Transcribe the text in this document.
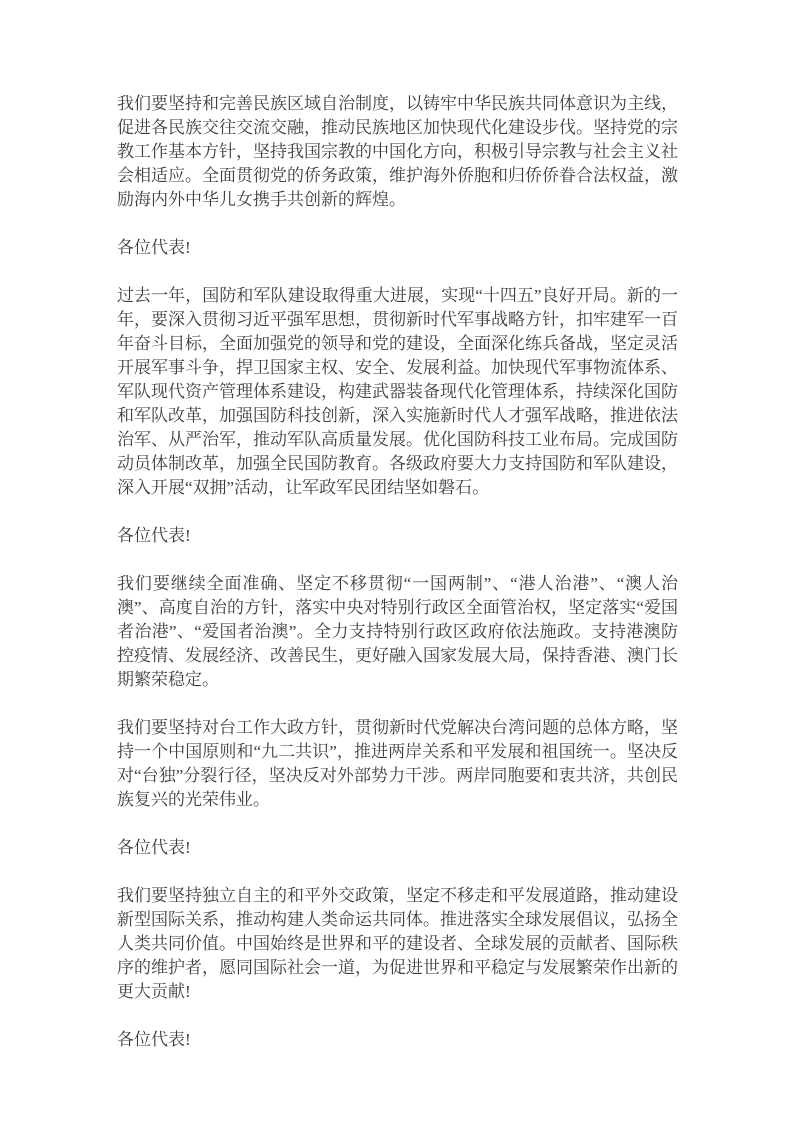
我们要坚持和完善民族区域自治制度，以铸牢中华民族共同体意识为主线，促进各民族交往交流交融，推动民族地区加快现代化建设步伐。坚持党的宗教工作基本方针，坚持我国宗教的中国化方向，积极引导宗教与社会主义社会相适应。全面贯彻党的侨务政策，维护海外侨胞和归侨侨眷合法权益，激励海内外中华儿女携手共创新的辉煌。

各位代表!

过去一年，国防和军队建设取得重大进展，实现“十四五”良好开局。新的一年，要深入贯彻习近平强军思想，贯彻新时代军事战略方针，扣牢建军一百年奋斗目标，全面加强党的领导和党的建设，全面深化练兵备战，坚定灵活开展军事斗争，捍卫国家主权、安全、发展利益。加快现代军事物流体系、军队现代资产管理体系建设，构建武器装备现代化管理体系，持续深化国防和军队改革，加强国防科技创新，深入实施新时代人才强军战略，推进依法治军、从严治军，推动军队高质量发展。优化国防科技工业布局。完成国防动员体制改革，加强全民国防教育。各级政府要大力支持国防和军队建设，深入开展“双拥”活动，让军政军民团结坚如磐石。

各位代表!

我们要继续全面准确、坚定不移贯彻“一国两制”、“港人治港”、“澳人治澳”、高度自治的方针，落实中央对特别行政区全面管治权，坚定落实“爱国者治港”、“爱国者治澳”。全力支持特别行政区政府依法施政。支持港澳防控疫情、发展经济、改善民生，更好融入国家发展大局，保持香港、澳门长期繁荣稳定。

我们要坚持对台工作大政方针，贯彻新时代党解决台湾问题的总体方略，坚持一个中国原则和“九二共识”，推进两岸关系和平发展和祖国统一。坚决反对“台独”分裂行径，坚决反对外部势力干涉。两岸同胞要和衷共济，共创民族复兴的光荣伟业。

各位代表!

我们要坚持独立自主的和平外交政策，坚定不移走和平发展道路，推动建设新型国际关系，推动构建人类命运共同体。推进落实全球发展倡议，弘扬全人类共同价值。中国始终是世界和平的建设者、全球发展的贡献者、国际秩序的维护者，愿同国际社会一道，为促进世界和平稳定与发展繁荣作出新的更大贡献!

各位代表!
